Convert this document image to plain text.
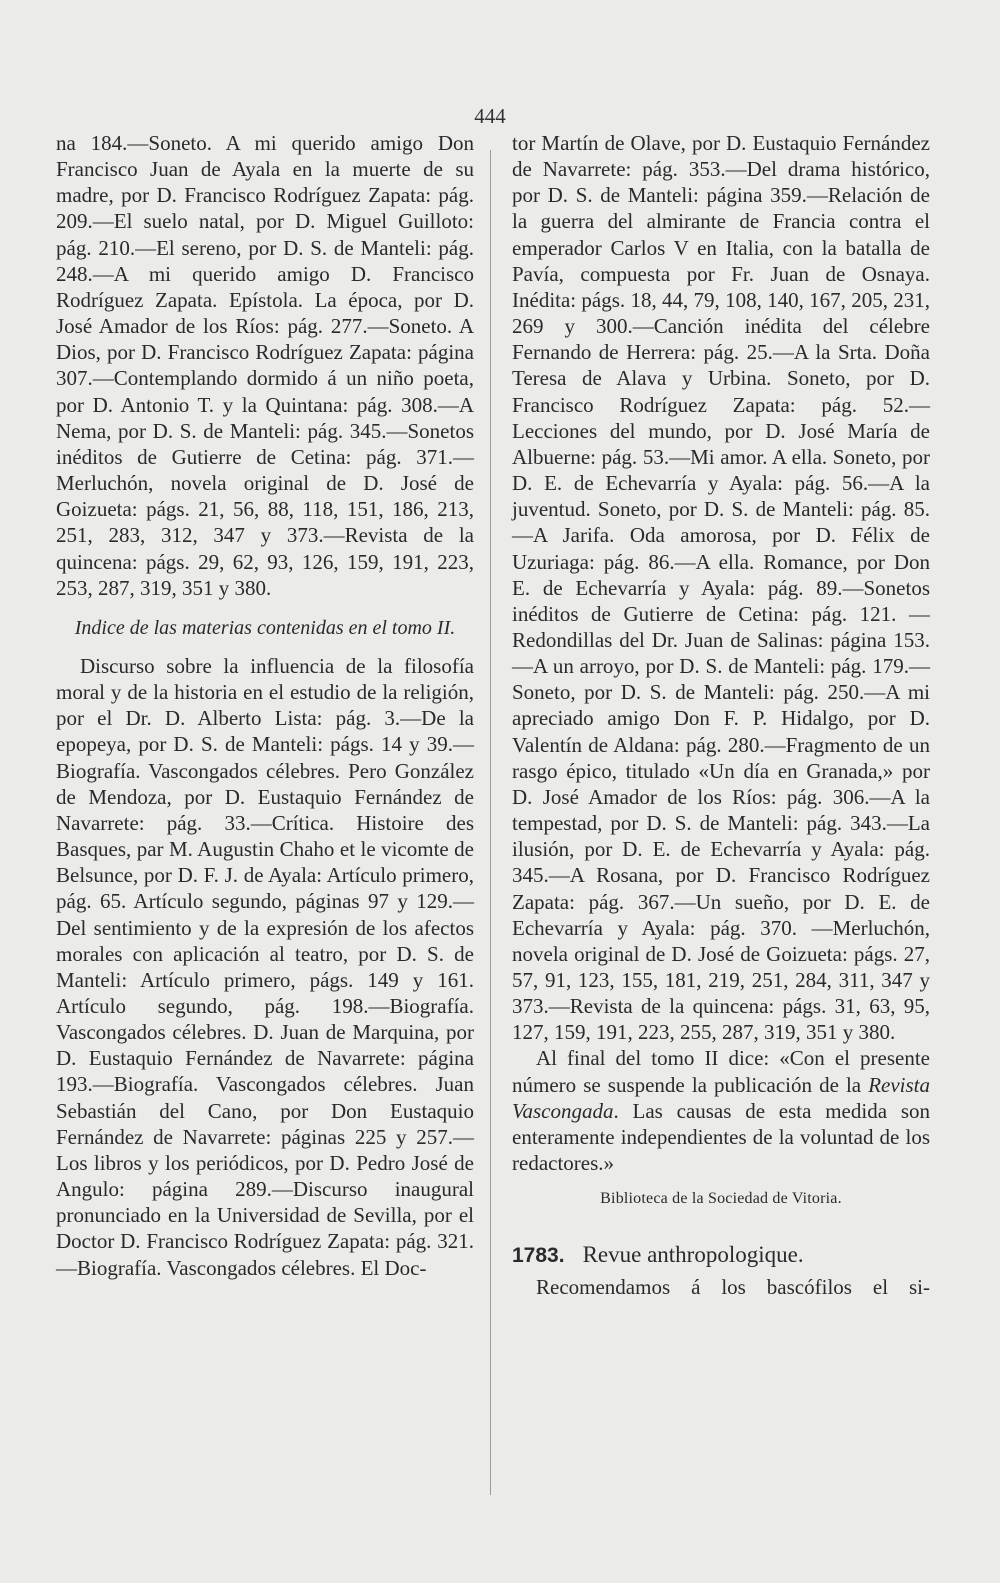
444

na 184.—Soneto. A mi querido amigo Don Francisco Juan de Ayala en la muerte de su madre, por D. Francisco Rodríguez Zapata: pág. 209.—El suelo natal, por D. Miguel Guilloto: pág. 210.—El sereno, por D. S. de Manteli: pág. 248.—A mi querido amigo D. Francisco Rodríguez Zapata. Epístola. La época, por D. José Amador de los Ríos: pág. 277.—Soneto. A Dios, por D. Francisco Rodríguez Zapata: página 307.—Contemplando dormido á un niño poeta, por D. Antonio T. y la Quintana: pág. 308.—A Nema, por D. S. de Manteli: pág. 345.—Sonetos inéditos de Gutierre de Cetina: pág. 371.—Merluchón, novela original de D. José de Goizueta: págs. 21, 56, 88, 118, 151, 186, 213, 251, 283, 312, 347 y 373.—Revista de la quincena: págs. 29, 62, 93, 126, 159, 191, 223, 253, 287, 319, 351 y 380.

Indice de las materias contenidas en el tomo II.

Discurso sobre la influencia de la filosofía moral y de la historia en el estudio de la religión, por el Dr. D. Alberto Lista: pág. 3.—De la epopeya, por D. S. de Manteli: págs. 14 y 39.—Biografía. Vascongados célebres. Pero González de Mendoza, por D. Eustaquio Fernández de Navarrete: pág. 33.—Crítica. Histoire des Basques, par M. Augustin Chaho et le vicomte de Belsunce, por D. F. J. de Ayala: Artículo primero, pág. 65. Artículo segundo, páginas 97 y 129.—Del sentimiento y de la expresión de los afectos morales con aplicación al teatro, por D. S. de Manteli: Artículo primero, págs. 149 y 161. Artículo segundo, pág. 198.—Biografía. Vascongados célebres. D. Juan de Marquina, por D. Eustaquio Fernández de Navarrete: página 193.—Biografía. Vascongados célebres. Juan Sebastián del Cano, por Don Eustaquio Fernández de Navarrete: páginas 225 y 257.—Los libros y los periódicos, por D. Pedro José de Angulo: página 289.—Discurso inaugural pronunciado en la Universidad de Sevilla, por el Doctor D. Francisco Rodríguez Zapata: pág. 321. —Biografía. Vascongados célebres. El Doc-

tor Martín de Olave, por D. Eustaquio Fernández de Navarrete: pág. 353.—Del drama histórico, por D. S. de Manteli: página 359.—Relación de la guerra del almirante de Francia contra el emperador Carlos V en Italia, con la batalla de Pavía, compuesta por Fr. Juan de Osnaya. Inédita: págs. 18, 44, 79, 108, 140, 167, 205, 231, 269 y 300.—Canción inédita del célebre Fernando de Herrera: pág. 25.—A la Srta. Doña Teresa de Alava y Urbina. Soneto, por D. Francisco Rodríguez Zapata: pág. 52.—Lecciones del mundo, por D. José María de Albuerne: pág. 53.—Mi amor. A ella. Soneto, por D. E. de Echevarría y Ayala: pág. 56.—A la juventud. Soneto, por D. S. de Manteli: pág. 85.—A Jarifa. Oda amorosa, por D. Félix de Uzuriaga: pág. 86.—A ella. Romance, por Don E. de Echevarría y Ayala: pág. 89.—Sonetos inéditos de Gutierre de Cetina: pág. 121. —Redondillas del Dr. Juan de Salinas: página 153.—A un arroyo, por D. S. de Manteli: pág. 179.—Soneto, por D. S. de Manteli: pág. 250.—A mi apreciado amigo Don F. P. Hidalgo, por D. Valentín de Aldana: pág. 280.—Fragmento de un rasgo épico, titulado «Un día en Granada,» por D. José Amador de los Ríos: pág. 306.—A la tempestad, por D. S. de Manteli: pág. 343.—La ilusión, por D. E. de Echevarría y Ayala: pág. 345.—A Rosana, por D. Francisco Rodríguez Zapata: pág. 367.—Un sueño, por D. E. de Echevarría y Ayala: pág. 370. —Merluchón, novela original de D. José de Goizueta: págs. 27, 57, 91, 123, 155, 181, 219, 251, 284, 311, 347 y 373.—Revista de la quincena: págs. 31, 63, 95, 127, 159, 191, 223, 255, 287, 319, 351 y 380.

Al final del tomo II dice: «Con el presente número se suspende la publicación de la Revista Vascongada. Las causas de esta medida son enteramente independientes de la voluntad de los redactores.»

Biblioteca de la Sociedad de Vitoria.

1783. Revue anthropologique.

Recomendamos á los bascófilos el si-
